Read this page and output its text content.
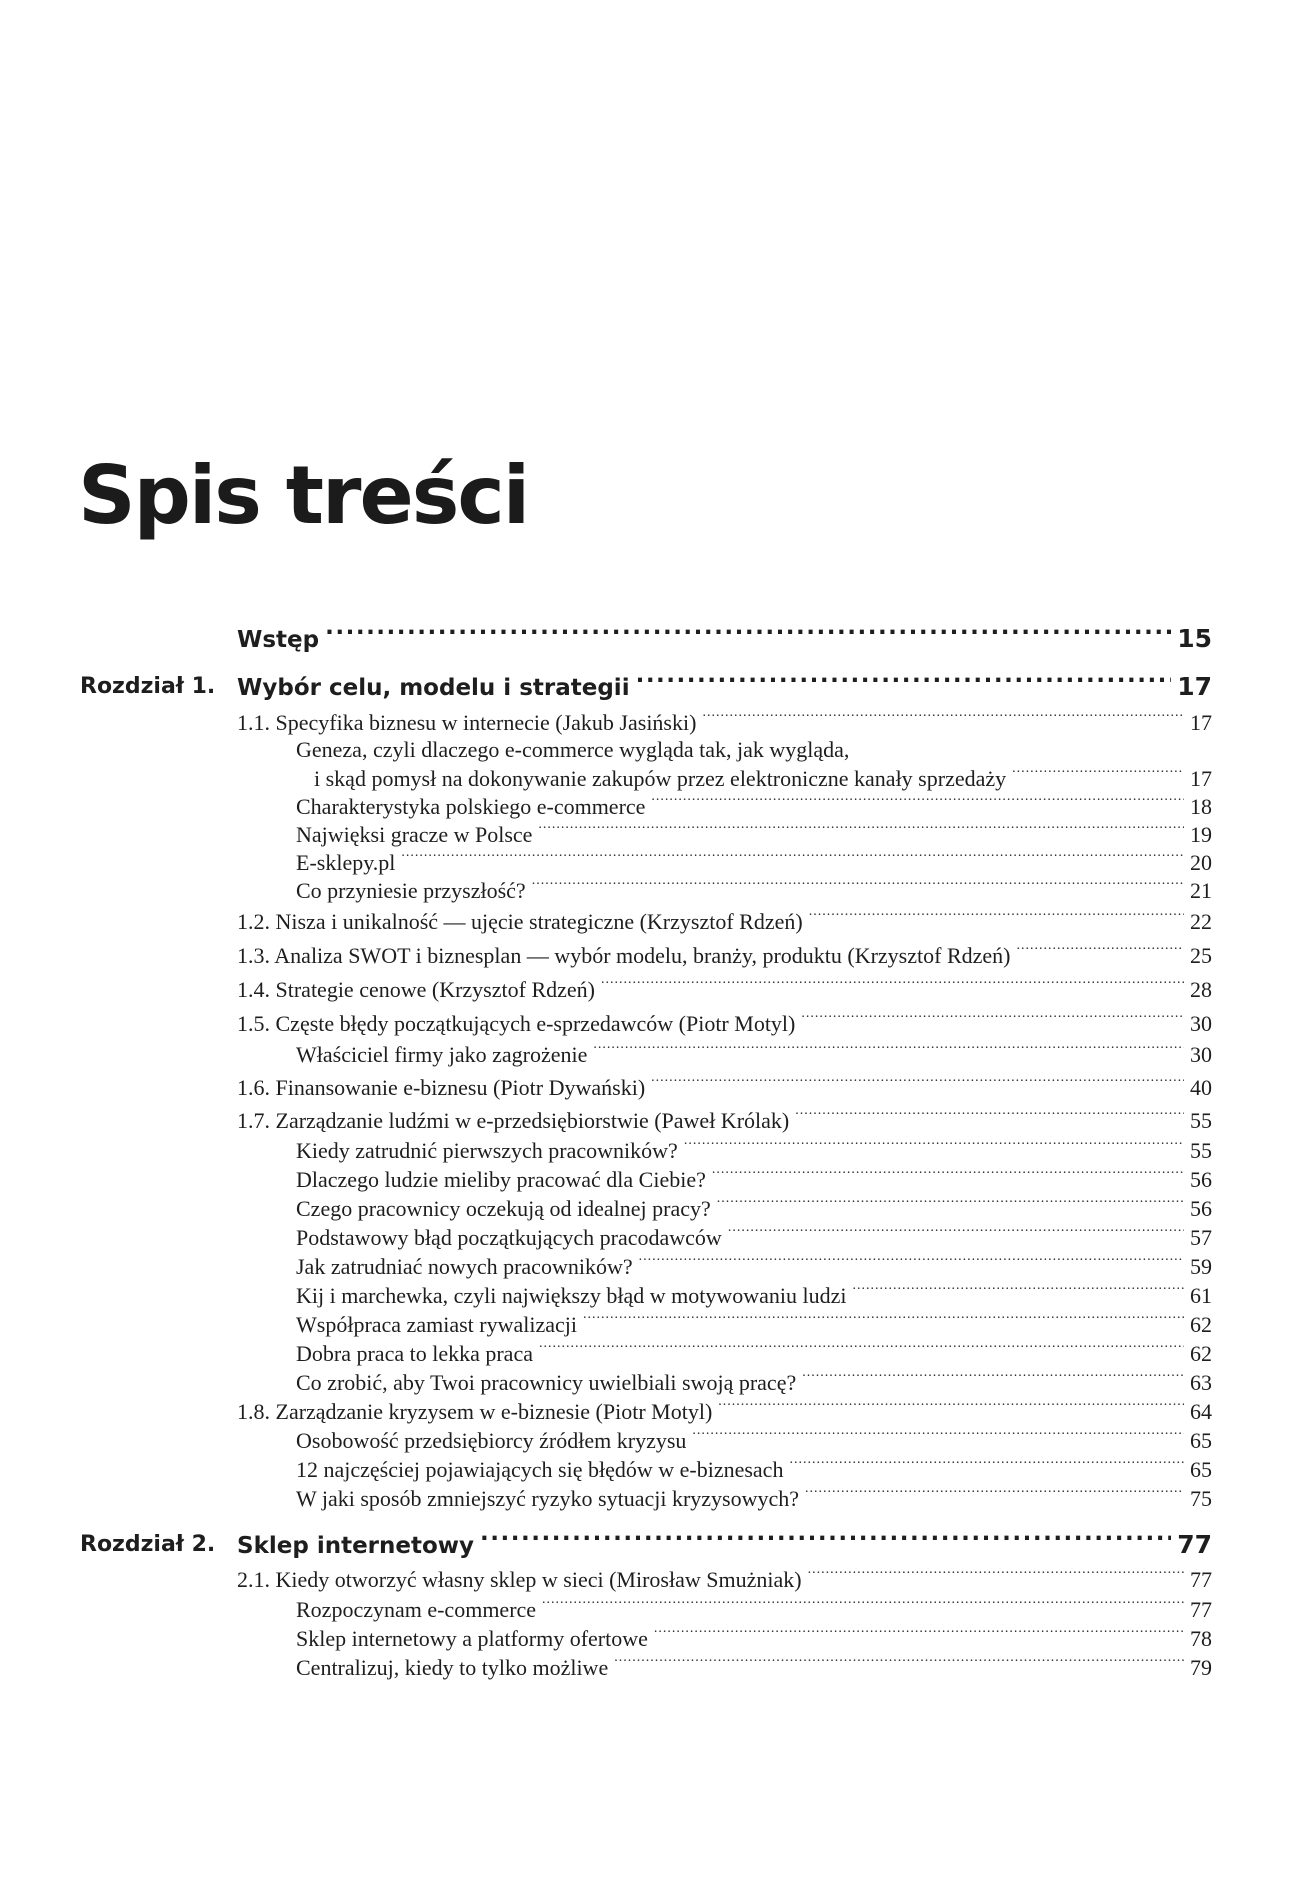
Spis treści
Wstęp .....	15
Rozdział 1. Wybór celu, modelu i strategii .....	17
1.1. Specyfika biznesu w internecie (Jakub Jasiński) .....	17
Geneza, czyli dlaczego e-commerce wygląda tak, jak wygląda,
i skąd pomysł na dokonywanie zakupów przez elektroniczne kanały sprzedaży .....	17
Charakterystyka polskiego e-commerce .....	18
Najwięksi gracze w Polsce .....	19
E-sklepy.pl .....	20
Co przyniesie przyszłość? .....	21
1.2. Nisza i unikalność — ujęcie strategiczne (Krzysztof Rdzeń) .....	22
1.3. Analiza SWOT i biznesplan — wybór modelu, branży, produktu (Krzysztof Rdzeń) .....	25
1.4. Strategie cenowe (Krzysztof Rdzeń) .....	28
1.5. Częste błędy początkujących e-sprzedawców (Piotr Motyl) .....	30
Właściciel firmy jako zagrożenie .....	30
1.6. Finansowanie e-biznesu (Piotr Dywański) .....	40
1.7. Zarządzanie ludźmi w e-przedsiębiorstwie (Paweł Królak) .....	55
Kiedy zatrudnić pierwszych pracowników? .....	55
Dlaczego ludzie mieliby pracować dla Ciebie? .....	56
Czego pracownicy oczekują od idealnej pracy? .....	56
Podstawowy błąd początkujących pracodawców .....	57
Jak zatrudniać nowych pracowników? .....	59
Kij i marchewka, czyli największy błąd w motywowaniu ludzi .....	61
Współpraca zamiast rywalizacji .....	62
Dobra praca to lekka praca .....	62
Co zrobić, aby Twoi pracownicy uwielbiali swoją pracę? .....	63
1.8. Zarządzanie kryzysem w e-biznesie (Piotr Motyl) .....	64
Osobowość przedsiębiorcy źródłem kryzysu .....	65
12 najczęściej pojawiających się błędów w e-biznesach .....	65
W jaki sposób zmniejszyć ryzyko sytuacji kryzysowych? .....	75
Rozdział 2. Sklep internetowy .....	77
2.1. Kiedy otworzyć własny sklep w sieci (Mirosław Smużniak) .....	77
Rozpoczynam e-commerce .....	77
Sklep internetowy a platformy ofertowe .....	78
Centralizuj, kiedy to tylko możliwe .....	79
